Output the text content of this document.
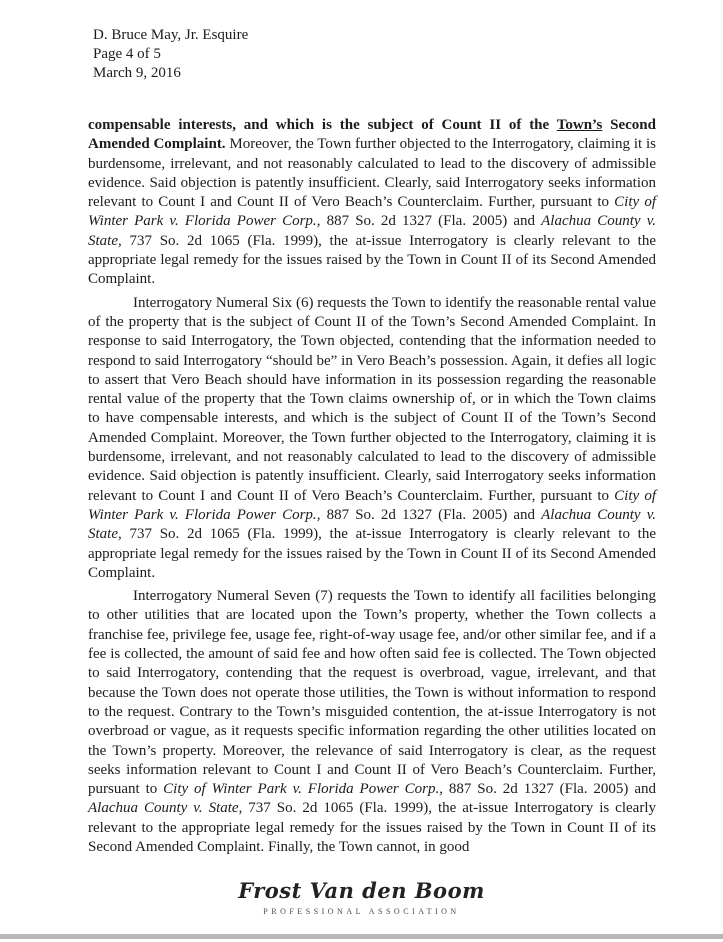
D. Bruce May, Jr. Esquire
Page 4 of 5
March 9, 2016

compensable interests, and which is the subject of Count II of the Town’s Second Amended Complaint. Moreover, the Town further objected to the Interrogatory, claiming it is burdensome, irrelevant, and not reasonably calculated to lead to the discovery of admissible evidence. Said objection is patently insufficient. Clearly, said Interrogatory seeks information relevant to Count I and Count II of Vero Beach’s Counterclaim. Further, pursuant to City of Winter Park v. Florida Power Corp., 887 So. 2d 1327 (Fla. 2005) and Alachua County v. State, 737 So. 2d 1065 (Fla. 1999), the at-issue Interrogatory is clearly relevant to the appropriate legal remedy for the issues raised by the Town in Count II of its Second Amended Complaint.

Interrogatory Numeral Six (6) requests the Town to identify the reasonable rental value of the property that is the subject of Count II of the Town’s Second Amended Complaint. In response to said Interrogatory, the Town objected, contending that the information needed to respond to said Interrogatory “should be” in Vero Beach’s possession. Again, it defies all logic to assert that Vero Beach should have information in its possession regarding the reasonable rental value of the property that the Town claims ownership of, or in which the Town claims to have compensable interests, and which is the subject of Count II of the Town’s Second Amended Complaint. Moreover, the Town further objected to the Interrogatory, claiming it is burdensome, irrelevant, and not reasonably calculated to lead to the discovery of admissible evidence. Said objection is patently insufficient. Clearly, said Interrogatory seeks information relevant to Count I and Count II of Vero Beach’s Counterclaim. Further, pursuant to City of Winter Park v. Florida Power Corp., 887 So. 2d 1327 (Fla. 2005) and Alachua County v. State, 737 So. 2d 1065 (Fla. 1999), the at-issue Interrogatory is clearly relevant to the appropriate legal remedy for the issues raised by the Town in Count II of its Second Amended Complaint.

Interrogatory Numeral Seven (7) requests the Town to identify all facilities belonging to other utilities that are located upon the Town’s property, whether the Town collects a franchise fee, privilege fee, usage fee, right-of-way usage fee, and/or other similar fee, and if a fee is collected, the amount of said fee and how often said fee is collected. The Town objected to said Interrogatory, contending that the request is overbroad, vague, irrelevant, and that because the Town does not operate those utilities, the Town is without information to respond to the request. Contrary to the Town’s misguided contention, the at-issue Interrogatory is not overbroad or vague, as it requests specific information regarding the other utilities located on the Town’s property. Moreover, the relevance of said Interrogatory is clear, as the request seeks information relevant to Count I and Count II of Vero Beach’s Counterclaim. Further, pursuant to City of Winter Park v. Florida Power Corp., 887 So. 2d 1327 (Fla. 2005) and Alachua County v. State, 737 So. 2d 1065 (Fla. 1999), the at-issue Interrogatory is clearly relevant to the appropriate legal remedy for the issues raised by the Town in Count II of its Second Amended Complaint. Finally, the Town cannot, in good

Frost Van den Boom
PROFESSIONAL ASSOCIATION
